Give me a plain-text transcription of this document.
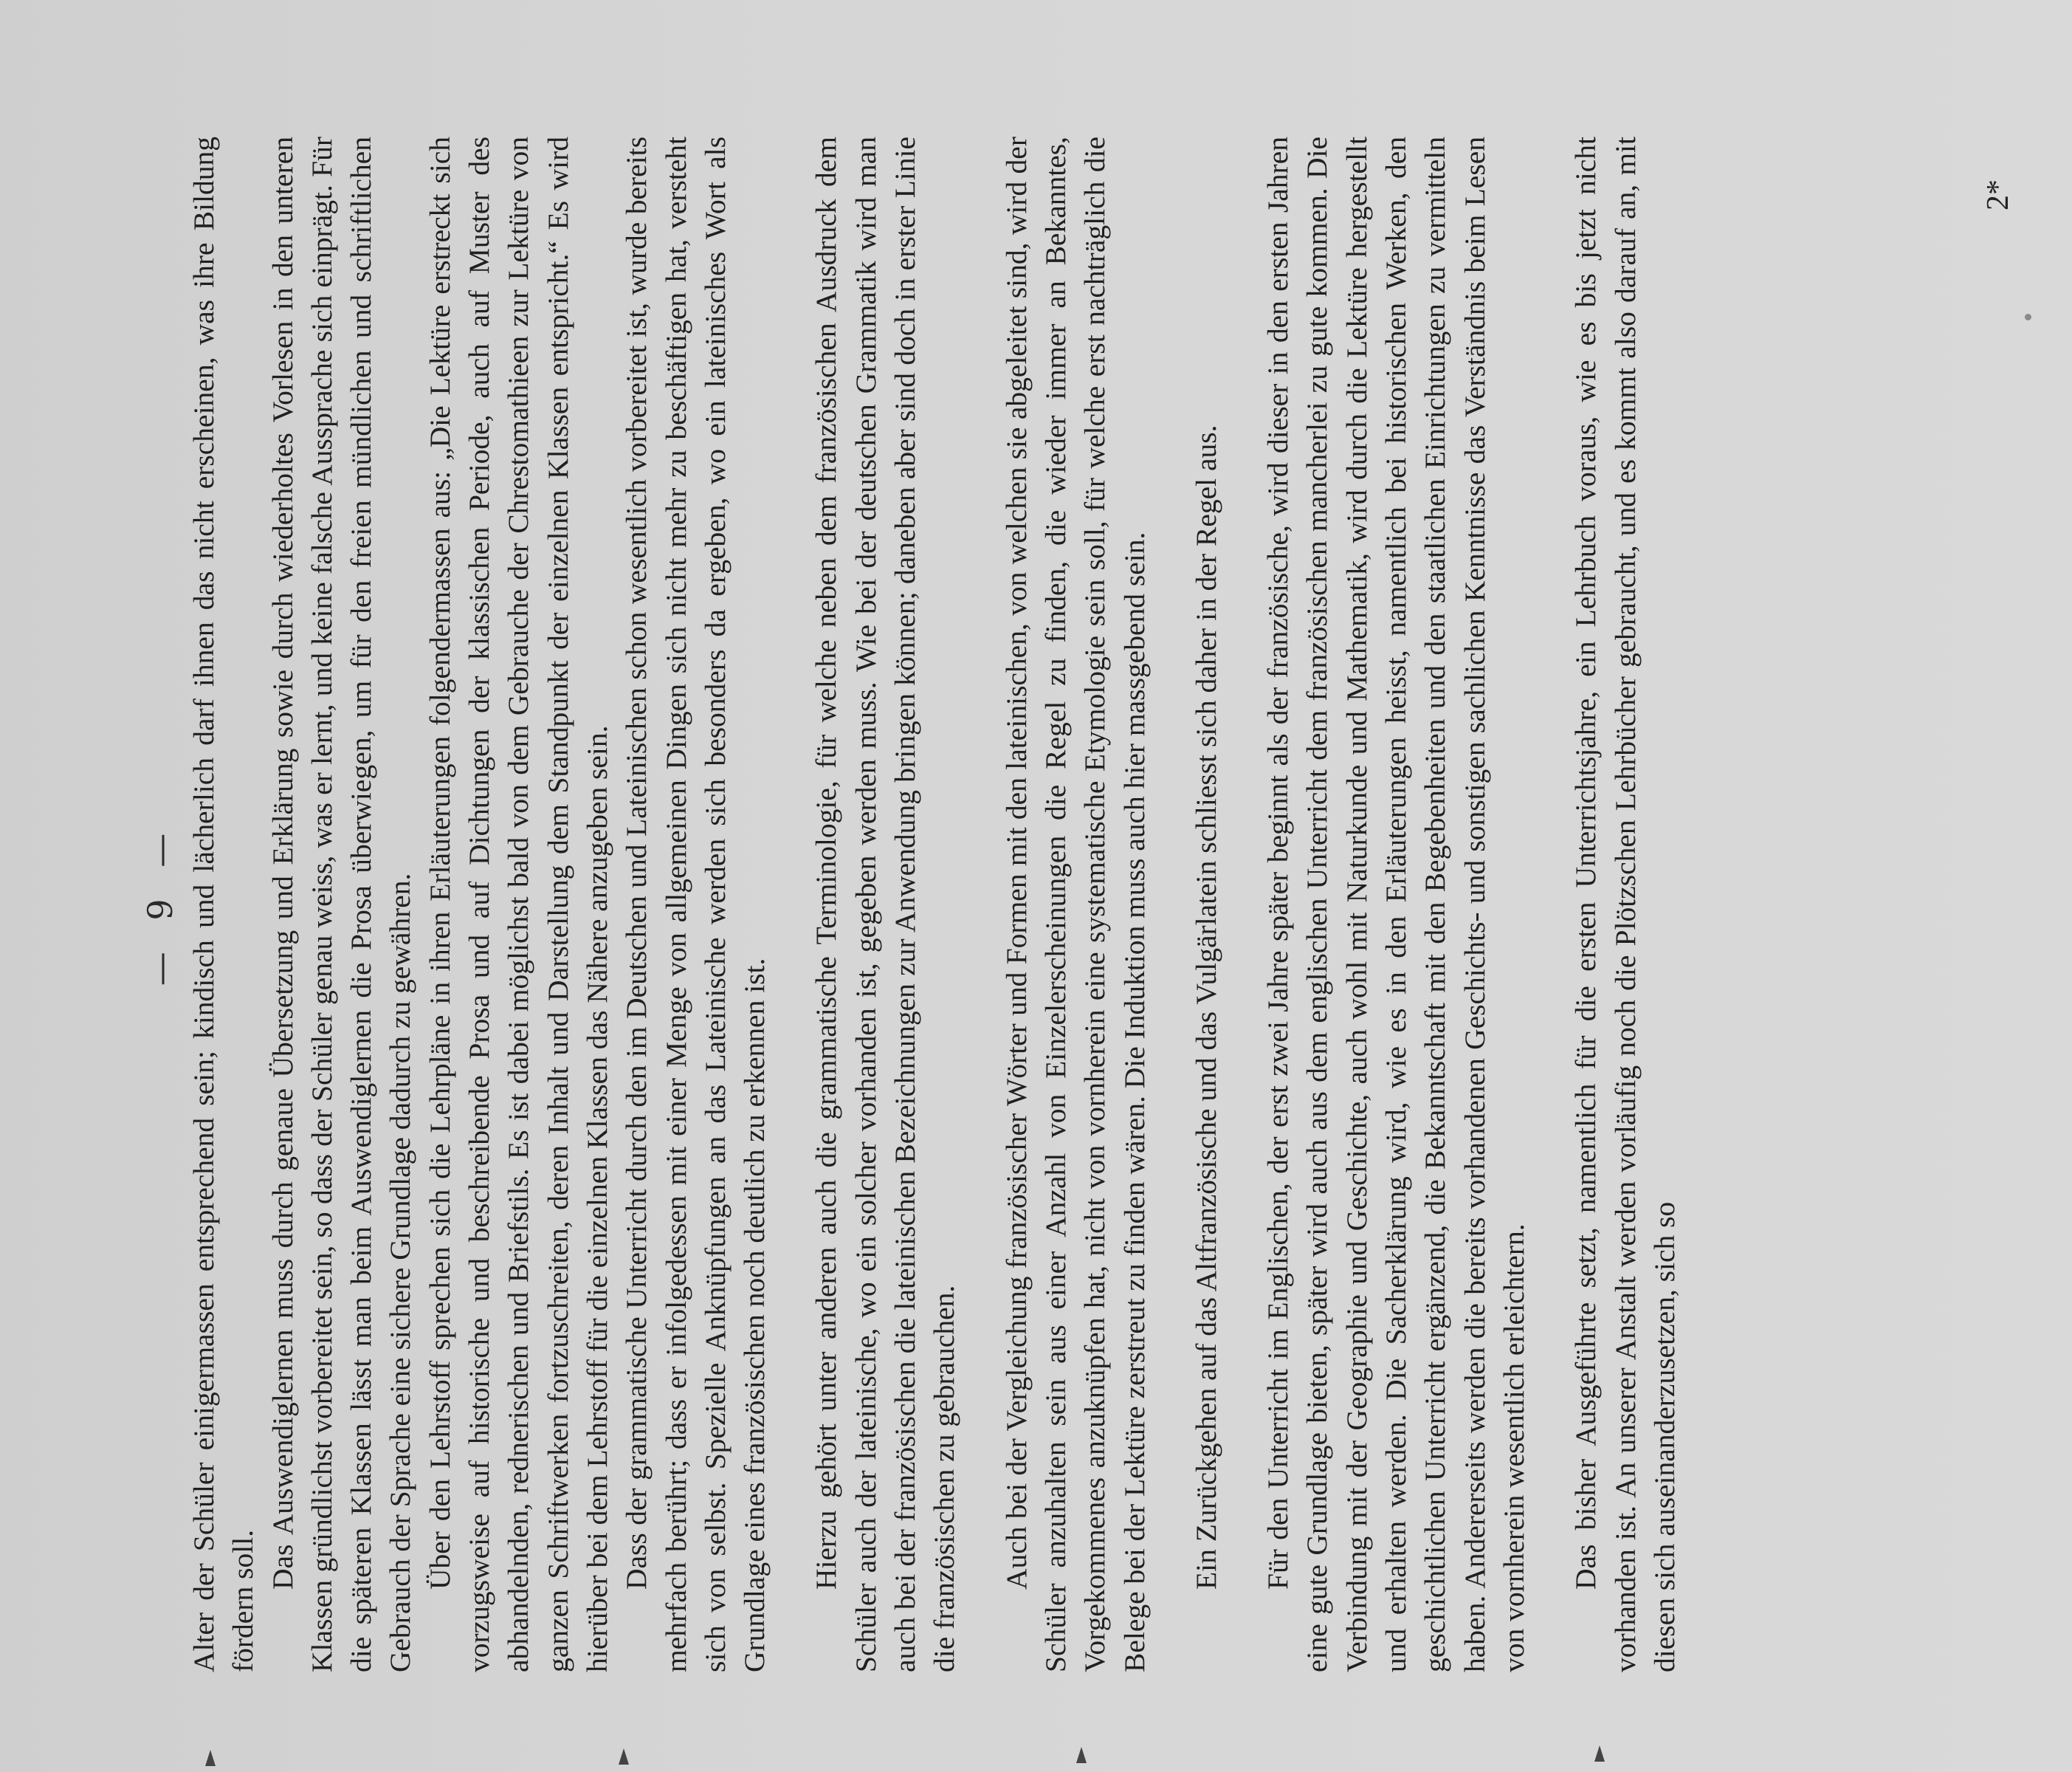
— 9 — Alter der Schüler einigermassen entsprechend sein; kindisch und lächerlich darf ihnen das nicht erscheinen, was ihre Bildung fördern soll.

Das Auswendiglernen muss durch genaue Übersetzung und Erklärung sowie durch wiederholtes Vorlesen in den unteren Klassen gründlichst vorbereitet sein, so dass der Schüler genau weiss, was er lernt, und keine falsche Aussprache sich einprägt. Für die späteren Klassen lässt man beim Auswendiglernen die Prosa überwiegen, um für den freien mündlichen und schriftlichen Gebrauch der Sprache eine sichere Grundlage dadurch zu gewähren. Über den Lehrstoff sprechen sich die Lehrpläne in ihren Erläuterungen folgendermassen aus: „Die Lektüre erstreckt sich vorzugsweise auf historische und beschreibende Prosa und auf Dichtungen der klassischen Periode, auch auf Muster des abhandelnden, rednerischen und Briefstils. Es ist dabei möglichst bald von dem Gebrauche der Chrestomathieen zur Lektüre von ganzen Schriftwerken fortzuschreiten, deren Inhalt und Darstellung dem Standpunkt der einzelnen Klassen entspricht.“ Es wird hierüber bei dem Lehrstoff für die einzelnen Klassen das Nähere anzugeben sein. Dass der grammatische Unterricht durch den im Deutschen und Lateinischen schon wesentlich vorbereitet ist, wurde bereits mehrfach berührt; dass er infolgedessen mit einer Menge von allgemeinen Dingen sich nicht mehr zu beschäftigen hat, versteht sich von selbst. Spezielle Anknüpfungen an das Lateinische werden sich besonders da ergeben, wo ein lateinisches Wort als Grundlage eines französischen noch deutlich zu erkennen ist. Hierzu gehört unter anderen auch die grammatische Terminologie, für welche neben dem französischen Ausdruck dem Schüler auch der lateinische, wo ein solcher vorhanden ist, gegeben werden muss. Wie bei der deutschen Grammatik wird man auch bei der französischen die lateinischen Bezeichnungen zur Anwendung bringen können; daneben aber sind doch in erster Linie die französischen zu gebrauchen. Auch bei der Vergleichung französischer Wörter und Formen mit den lateinischen, von welchen sie abgeleitet sind, wird der Schüler anzuhalten sein aus einer Anzahl von Einzelerscheinungen die Regel zu finden, die wieder immer an Bekanntes, Vorgekommenes anzuknüpfen hat, nicht von vornherein eine systematische Etymologie sein soll, für welche erst nachträglich die Belege bei der Lektüre zerstreut zu finden wären. Die Induktion muss auch hier massgebend sein. Ein Zurückgehen auf das Altfranzösische und das Vulgärlatein schliesst sich daher in der Regel aus. Für den Unterricht im Englischen, der erst zwei Jahre später beginnt als der französische, wird dieser in den ersten Jahren eine gute Grundlage bieten, später wird auch aus dem englischen Unterricht dem französischen mancherlei zu gute kommen. Die Verbindung mit der Geographie und Geschichte, auch wohl mit Naturkunde und Mathematik, wird durch die Lektüre hergestellt und erhalten werden. Die Sacherklärung wird, wie es in den Erläuterungen heisst, namentlich bei historischen Werken, den geschichtlichen Unterricht ergänzend, die Bekanntschaft mit den Begebenheiten und den staatlichen Einrichtungen zu vermitteln haben. Andererseits werden die bereits vorhandenen Geschichts- und sonstigen sachlichen Kenntnisse das Verständnis beim Lesen von vornherein wesentlich erleichtern. Das bisher Ausgeführte setzt, namentlich für die ersten Unterrichtsjahre, ein Lehrbuch voraus, wie es bis jetzt nicht vorhanden ist. An unserer Anstalt werden vorläufig noch die Plötzschen Lehrbücher gebraucht, und es kommt also darauf an, mit diesen sich auseinanderzusetzen, sich so

2*
